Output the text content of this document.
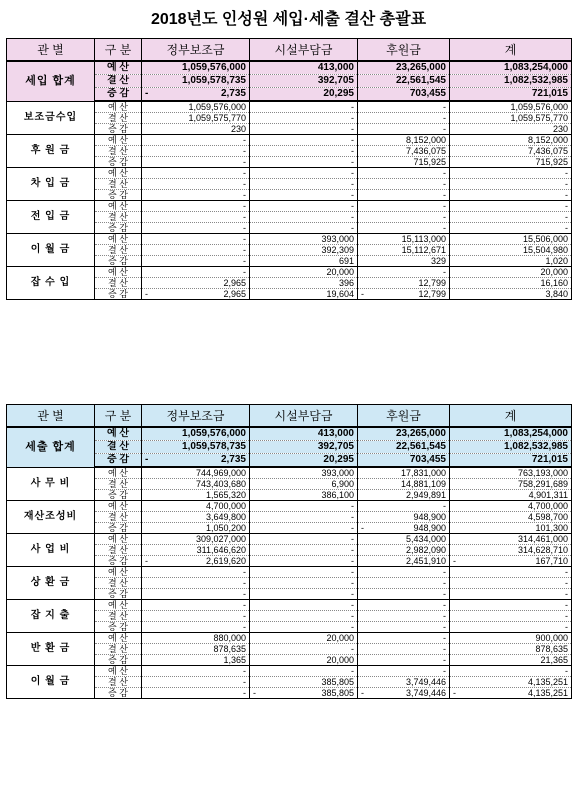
2018년도 인성원 세입·세출 결산 총괄표
관 별	구 분	정부보조금	시설부담금	후원금	계
세입 합계	예 산	1,059,576,000	413,000	23,265,000	1,083,254,000
	결 산	1,059,578,735	392,705	22,561,545	1,082,532,985
	증 감	- 2,735	20,295	703,455	721,015
보조금수입	예 산	1,059,576,000	-	-	1,059,576,000
	결 산	1,059,575,770	-	-	1,059,575,770
	증 감	230	-	-	230
후 원 금	예 산	-	-	8,152,000	8,152,000
	결 산	-	-	7,436,075	7,436,075
	증 감	-	-	715,925	715,925
차 입 금	예 산	-	-	-	-
	결 산	-	-	-	-
	증 감	-	-	-	-
전 입 금	예 산	-	-	-	-
	결 산	-	-	-	-
	증 감	-	-	-	-
이 월 금	예 산	-	393,000	15,113,000	15,506,000
	결 산	-	392,309	15,112,671	15,504,980
	증 감	-	691	329	1,020
잡 수 입	예 산	-	20,000	-	20,000
	결 산	2,965	396	12,799	16,160
	증 감	- 2,965	19,604	- 12,799	3,840
관 별	구 분	정부보조금	시설부담금	후원금	계
세출 합계	예 산	1,059,576,000	413,000	23,265,000	1,083,254,000
	결 산	1,059,578,735	392,705	22,561,545	1,082,532,985
	증 감	- 2,735	20,295	703,455	721,015
사 무 비	예 산	744,969,000	393,000	17,831,000	763,193,000
	결 산	743,403,680	6,900	14,881,109	758,291,689
	증 감	1,565,320	386,100	2,949,891	4,901,311
재산조성비	예 산	4,700,000	-	-	4,700,000
	결 산	3,649,800	-	948,900	4,598,700
	증 감	1,050,200	-	- 948,900	101,300
사 업 비	예 산	309,027,000	-	5,434,000	314,461,000
	결 산	311,646,620	-	2,982,090	314,628,710
	증 감	- 2,619,620	-	2,451,910	- 167,710
상 환 금	예 산	-	-	-	-
	결 산	-	-	-	-
	증 감	-	-	-	-
잡 지 출	예 산	-	-	-	-
	결 산	-	-	-	-
	증 감	-	-	-	-
반 환 금	예 산	880,000	20,000	-	900,000
	결 산	878,635	-	-	878,635
	증 감	1,365	20,000	-	21,365
이 월 금	예 산	-	-	-	-
	결 산	-	385,805	3,749,446	4,135,251
	증 감	-	- 385,805	- 3,749,446	- 4,135,251
